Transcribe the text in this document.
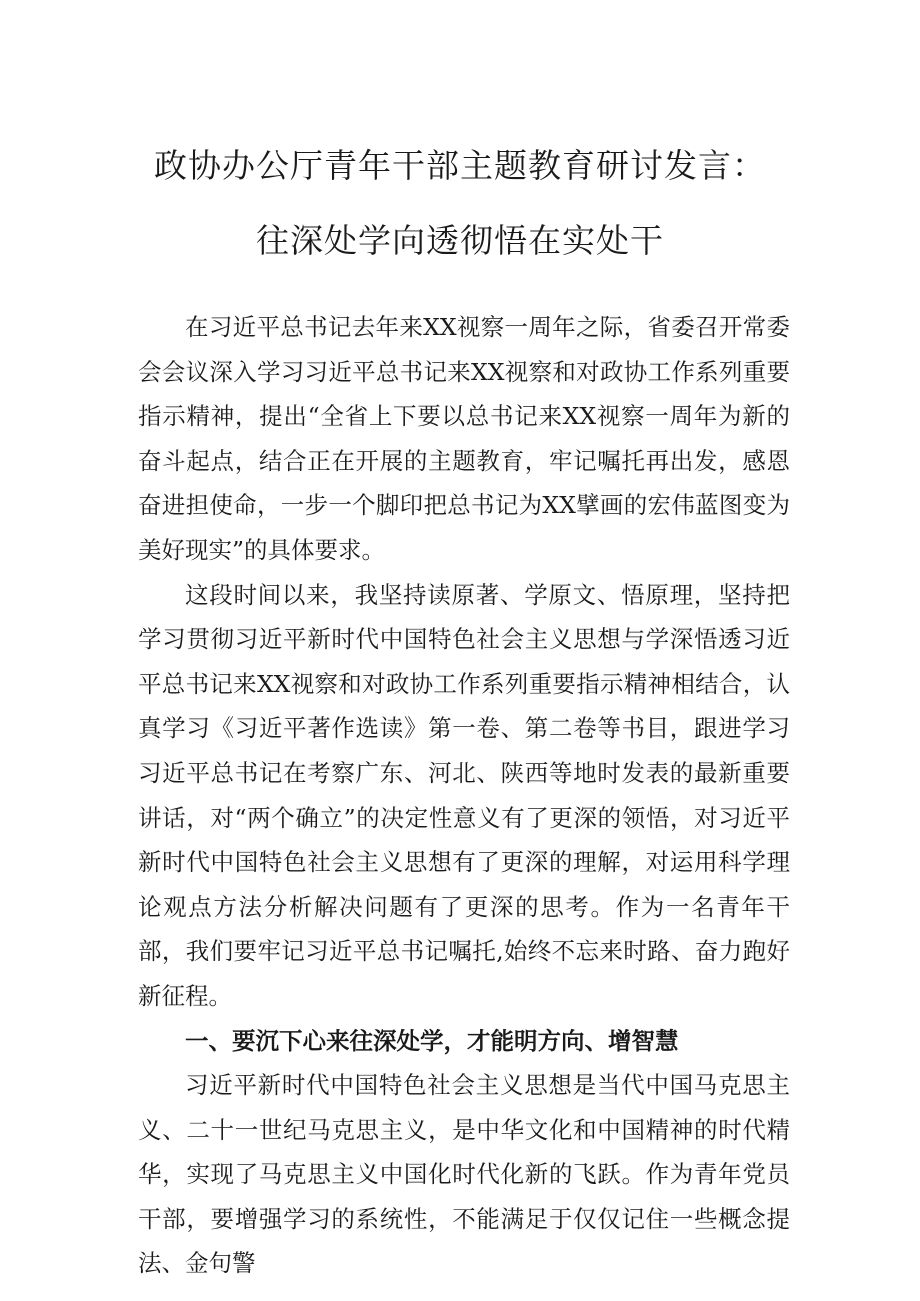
政协办公厅青年干部主题教育研讨发言：
往深处学向透彻悟在实处干

在习近平总书记去年来XX视察一周年之际，省委召开常委会会议深入学习习近平总书记来XX视察和对政协工作系列重要指示精神，提出“全省上下要以总书记来XX视察一周年为新的奋斗起点，结合正在开展的主题教育，牢记嘱托再出发，感恩奋进担使命，一步一个脚印把总书记为XX擘画的宏伟蓝图变为美好现实”的具体要求。

这段时间以来，我坚持读原著、学原文、悟原理，坚持把学习贯彻习近平新时代中国特色社会主义思想与学深悟透习近平总书记来XX视察和对政协工作系列重要指示精神相结合，认真学习《习近平著作选读》第一卷、第二卷等书目，跟进学习习近平总书记在考察广东、河北、陕西等地时发表的最新重要讲话，对“两个确立”的决定性意义有了更深的领悟，对习近平新时代中国特色社会主义思想有了更深的理解，对运用科学理论观点方法分析解决问题有了更深的思考。作为一名青年干部，我们要牢记习近平总书记嘱托,始终不忘来时路、奋力跑好新征程。

一、要沉下心来往深处学，才能明方向、增智慧

习近平新时代中国特色社会主义思想是当代中国马克思主义、二十一世纪马克思主义，是中华文化和中国精神的时代精华，实现了马克思主义中国化时代化新的飞跃。作为青年党员干部，要增强学习的系统性，不能满足于仅仅记住一些概念提法、金句警
